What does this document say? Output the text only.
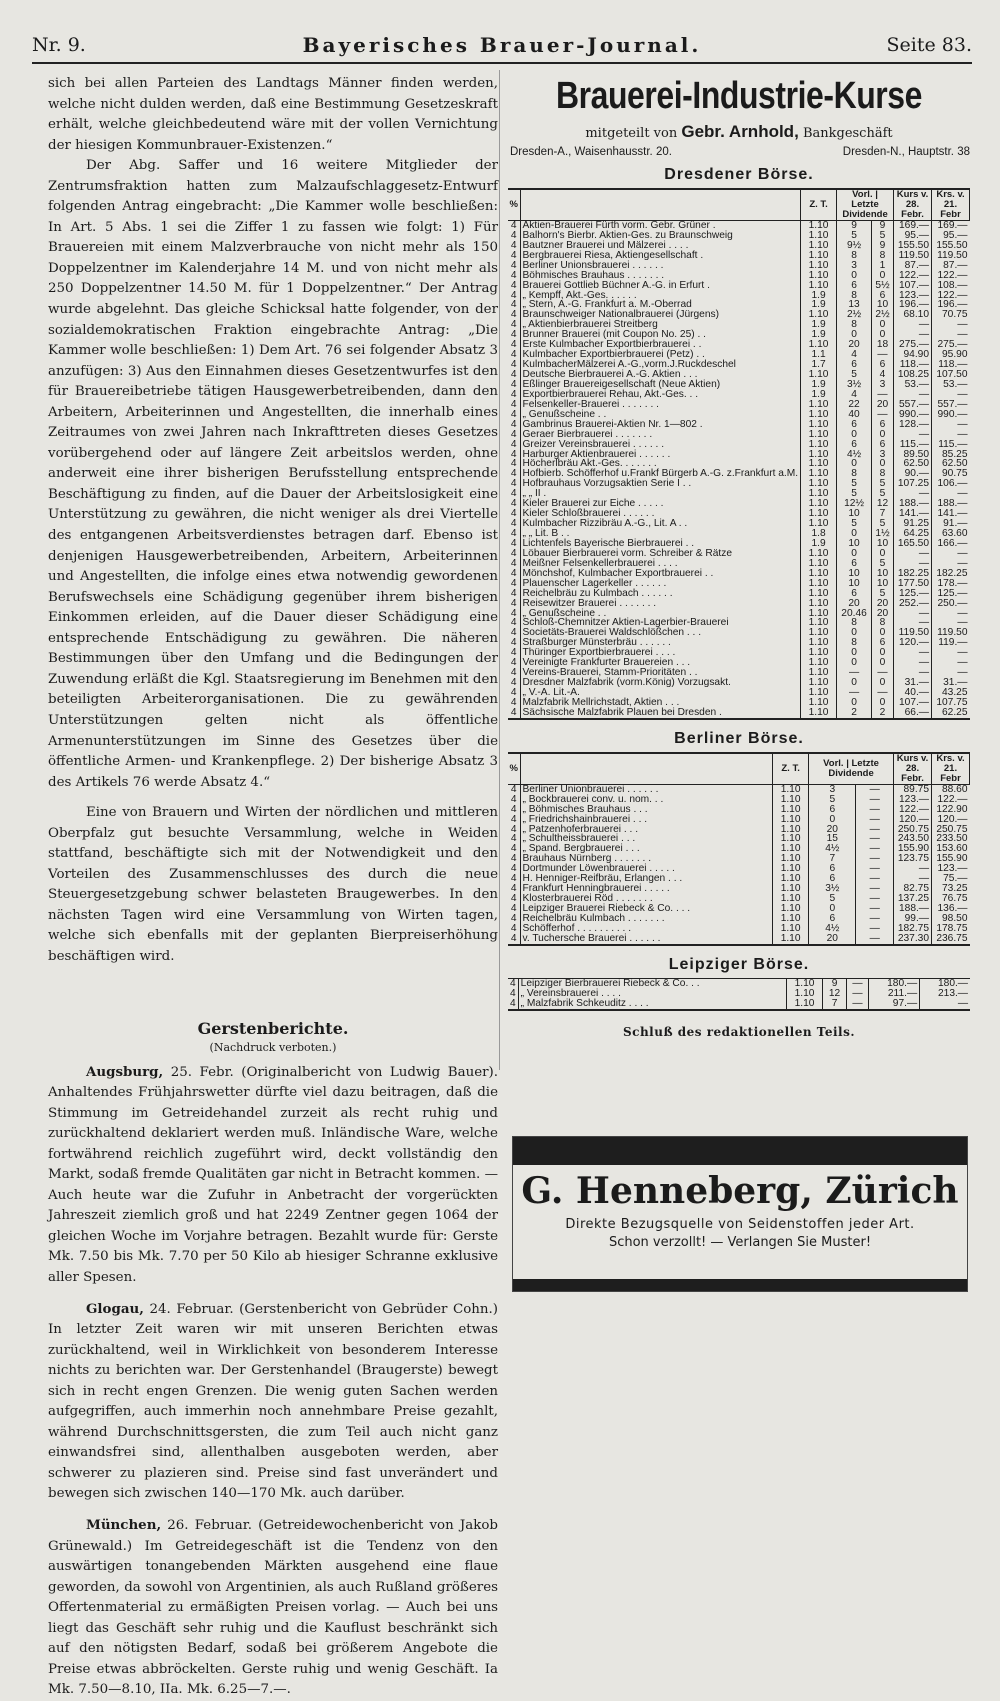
Nr. 9.	Bayerisches Brauer-Journal.	Seite 83.

sich bei allen Parteien des Landtags Männer finden werden, welche nicht dulden werden, daß eine Bestimmung Gesetzeskraft erhält, welche gleichbedeutend wäre mit der vollen Vernichtung der hiesigen Kommunbrauer-Existenzen.“

Der Abg. Saffer und 16 weitere Mitglieder der Zentrumsfraktion hatten zum Malzaufschlaggesetz-Entwurf folgenden Antrag eingebracht: „Die Kammer wolle beschließen: In Art. 5 Abs. 1 sei die Ziffer 1 zu fassen wie folgt: 1) Für Brauereien mit einem Malzverbrauche von nicht mehr als 150 Doppelzentner im Kalenderjahre 14 M. und von nicht mehr als 250 Doppelzentner 14.50 M. für 1 Doppelzentner.“ Der Antrag wurde abgelehnt. Das gleiche Schicksal hatte folgender, von der sozialdemokratischen Fraktion eingebrachte Antrag: „Die Kammer wolle beschließen: 1) Dem Art. 76 sei folgender Absatz 3 anzufügen: 3) Aus den Einnahmen dieses Gesetzentwurfes ist den für Brauereibetriebe tätigen Hausgewerbetreibenden, dann den Arbeitern, Arbeiterinnen und Angestellten, die innerhalb eines Zeitraumes von zwei Jahren nach Inkrafttreten dieses Gesetzes vorübergehend oder auf längere Zeit arbeitslos werden, ohne anderweit eine ihrer bisherigen Berufsstellung entsprechende Beschäftigung zu finden, auf die Dauer der Arbeitslosigkeit eine Unterstützung zu gewähren, die nicht weniger als drei Viertelle des entgangenen Arbeitsverdienstes betragen darf. Ebenso ist denjenigen Hausgewerbetreibenden, Arbeitern, Arbeiterinnen und Angestellten, die infolge eines etwa notwendig gewordenen Berufswechsels eine Schädigung gegenüber ihrem bisherigen Einkommen erleiden, auf die Dauer dieser Schädigung eine entsprechende Entschädigung zu gewähren. Die näheren Bestimmungen über den Umfang und die Bedingungen der Zuwendung erläßt die Kgl. Staatsregierung im Benehmen mit den beteiligten Arbeiterorganisationen. Die zu gewährenden Unterstützungen gelten nicht als öffentliche Armenunterstützungen im Sinne des Gesetzes über die öffentliche Armen- und Krankenpflege. 2) Der bisherige Absatz 3 des Artikels 76 werde Absatz 4.“

Eine von Brauern und Wirten der nördlichen und mittleren Oberpfalz gut besuchte Versammlung, welche in Weiden stattfand, beschäftigte sich mit der Notwendigkeit und den Vorteilen des Zusammenschlusses des durch die neue Steuergesetzgebung schwer belasteten Braugewerbes. In den nächsten Tagen wird eine Versammlung von Wirten tagen, welche sich ebenfalls mit der geplanten Bierpreiserhöhung beschäftigen wird.

Gerstenberichte.
(Nachdruck verboten.)

Augsburg, 25. Febr. (Originalbericht von Ludwig Bauer). Anhaltendes Frühjahrswetter dürfte viel dazu beitragen, daß die Stimmung im Getreidehandel zurzeit als recht ruhig und zurückhaltend deklariert werden muß. Inländische Ware, welche fortwährend reichlich zugeführt wird, deckt vollständig den Markt, sodaß fremde Qualitäten gar nicht in Betracht kommen. — Auch heute war die Zufuhr in Anbetracht der vorgerückten Jahreszeit ziemlich groß und hat 2249 Zentner gegen 1064 der gleichen Woche im Vorjahre betragen. Bezahlt wurde für: Gerste Mk. 7.50 bis Mk. 7.70 per 50 Kilo ab hiesiger Schranne exklusive aller Spesen.

Glogau, 24. Februar. (Gerstenbericht von Gebrüder Cohn.) In letzter Zeit waren wir mit unseren Berichten etwas zurückhaltend, weil in Wirklichkeit von besonderem Interesse nichts zu berichten war. Der Gerstenhandel (Braugerste) bewegt sich in recht engen Grenzen. Die wenig guten Sachen werden aufgegriffen, auch immerhin noch annehmbare Preise gezahlt, während Durchschnittsgersten, die zum Teil auch nicht ganz einwandsfrei sind, allenthalben ausgeboten werden, aber schwerer zu plazieren sind. Preise sind fast unverändert und bewegen sich zwischen 140—170 Mk. auch darüber.

München, 26. Februar. (Getreidewochenbericht von Jakob Grünewald.) Im Getreidegeschäft ist die Tendenz von den auswärtigen tonangebenden Märkten ausgehend eine flaue geworden, da sowohl von Argentinien, als auch Rußland größeres Offertenmaterial zu ermäßigten Preisen vorlag. — Auch bei uns liegt das Geschäft sehr ruhig und die Kauflust beschränkt sich auf den nötigsten Bedarf, sodaß bei größerem Angebote die Preise etwas abbröckelten. Gerste ruhig und wenig Geschäft. Ia Mk. 7.50—8.10, IIa. Mk. 6.25—7.—.

Brauerei-Industrie-Kurse
mitgeteilt von Gebr. Arnhold, Bankgeschäft
Dresden-A., Waisenhausstr. 20.	Dresden-N., Hauptstr. 38
Dresdener Börse.
%		Z. T.	Vorl. | Letzte Dividende		Kurs v. 28. Febr.	Krs. v. 21. Febr
4	Aktien-Brauerei Fürth vorm. Gebr. Grüner .	1.10	9	9	169.—	169.—
4	Balhorn's Bierbr. Aktien-Ges. zu Braunschweig	1.10	5	5	95.—	95.—
4	Bautzner Brauerei und Mälzerei . . . .	1.10	9½	9	155.50	155.50
4	Bergbrauerei Riesa, Aktiengesellschaft .	1.10	8	8	119.50	119.50
4	Berliner Unionsbrauerei . . . . . .	1.10	3	1	87.—	87.—
4	Böhmisches Brauhaus . . . . . . .	1.10	0	0	122.—	122.—
4	Brauerei Gottlieb Büchner A.-G. in Erfurt .	1.10	6	5½	107.—	108.—
4	„ Kempff, Akt.-Ges. . . . . .	1.9	8	6	123.—	122.—
4	„ Stern, A.-G. Frankfurt a. M.-Oberrad	1.9	13	10	196.—	196.—
4	Braunschweiger Nationalbrauerei (Jürgens)	1.10	2½	2½	68.10	70.75
4	„ Aktienbierbrauerei Streitberg	1.9	8	0	—	—
4	Brunner Brauerei (mit Coupon No. 25) . .	1.9	0	0	—	—
4	Erste Kulmbacher Exportbierbrauerei . .	1.10	20	18	275.—	275.—
4	Kulmbacher Exportbierbrauerei (Petz) . .	1.1	4	—	94.90	95.90
4	KulmbacherMälzerei A.-G.,vorm.J.Ruckdeschel	1.7	6	6	118.—	118.—
4	Deutsche Bierbrauerei A.-G. Aktien . . .	1.10	5	4	108.25	107.50
4	Eßlinger Brauereigesellschaft (Neue Aktien)	1.9	3½	3	53.—	53.—
4	Exportbierbrauerei Rehau, Akt.-Ges. . .	1.9	4	—	—	—
4	Felsenkeller-Brauerei . . . . . . .	1.10	22	20	557.—	557.—
4	„ Genußscheine . .	1.10	40	—	990.—	990.—
4	Gambrinus Brauerei-Aktien Nr. 1—802 .	1.10	6	6	128.—	—
4	Geraer Bierbrauerei . . . . . . .	1.10	0	0	—	—
4	Greizer Vereinsbrauerei . . . . . .	1.10	6	6	115.—	115.—
4	Harburger Aktienbrauerei . . . . . .	1.10	4½	3	89.50	85.25
4	Höcherlbräu Akt.-Ges. . . . . . .	1.10	0	0	62.50	62.50
4	Hofbierb. Schöfferhof u.Frankf Bürgerb A.-G. z.Frankfurt a.M.	1.10	8	8	90.—	90.75
4	Hofbrauhaus Vorzugsaktien Serie I . .	1.10	5	5	107.25	106.—
4	„ „ II .	1.10	5	5	—	—
4	Kieler Brauerei zur Eiche . . . . .	1.10	12½	12	188.—	188.—
4	Kieler Schloßbrauerei . . . . . .	1.10	10	7	141.—	141.—
4	Kulmbacher Rizzibräu A.-G., Lit. A . .	1.10	5	5	91.25	91.—
4	„ „ Lit. B . .	1.8	0	1½	64.25	63.60
4	Lichtenfels Bayerische Bierbrauerei . .	1.9	10	10	165.50	166.—
4	Löbauer Bierbrauerei vorm. Schreiber & Rätze	1.10	0	0	—	—
4	Meißner Felsenkellerbrauerei . . . .	1.10	6	5	—	—
4	Mönchshof, Kulmbacher Exportbrauerei . .	1.10	10	10	182.25	182.25
4	Plauenscher Lagerkeller . . . . . .	1.10	10	10	177.50	178.—
4	Reichelbräu zu Kulmbach . . . . . .	1.10	6	5	125.—	125.—
4	Reisewitzer Brauerei . . . . . . .	1.10	20	20	252.—	250.—
4	„ Genußscheine . .	1.10	20.46	20	—	—
4	Schloß-Chemnitzer Aktien-Lagerbier-Brauerei	1.10	8	8	—	—
4	Societäts-Brauerei Waldschlößchen . . .	1.10	0	0	119.50	119.50
4	Straßburger Münsterbräu . . . . . .	1.10	8	6	120.—	119.—
4	Thüringer Exportbierbrauerei . . . .	1.10	0	0	—	—
4	Vereinigte Frankfurter Brauereien . . .	1.10	0	0	—	—
4	Vereins-Brauerei, Stamm-Prioritäten . .	1.10	—	—	—	—
4	Dresdner Malzfabrik (vorm.König) Vorzugsakt.	1.10	0	0	31.—	31.—
4	„ V.-A. Lit.-A.	1.10	—	—	40.—	43.25
4	Malzfabrik Mellrichstadt, Aktien . . .	1.10	0	0	107.—	107.75
4	Sächsische Malzfabrik Plauen bei Dresden .	1.10	2	2	66.—	62.25
Berliner Börse.
%		Z. T.	Vorl. | Letzte Dividende		Kurs v. 28. Febr.	Krs. v. 21. Febr
4	Berliner Unionbrauerei . . . . . .	1.10	3	—	89.75	88.60
4	„ Bockbrauerei conv. u. nom. . .	1.10	5	—	123.—	122.—
4	„ Böhmisches Brauhaus . . .	1.10	6	—	122.—	122.90
4	„ Friedrichshainbrauerei . . .	1.10	0	—	120.—	120.—
4	„ Patzenhoferbrauerei . . .	1.10	20	—	250.75	250.75
4	„ Schultheissbrauerei . . .	1.10	15	—	243.50	233.50
4	„ Spand. Bergbrauerei . . .	1.10	4½	—	155.90	153.60
4	Brauhaus Nürnberg . . . . . . .	1.10	7	—	123.75	155.90
4	Dortmunder Löwenbrauerei . . . . .	1.10	6	—	—	123.—
4	H. Henniger-Reifbräu, Erlangen . . .	1.10	6	—	—	75.—
4	Frankfurt Henningbrauerei . . . . .	1.10	3½	—	82.75	73.25
4	Klosterbrauerei Röd . . . . . . .	1.10	5	—	137.25	76.75
4	Leipziger Brauerei Riebeck & Co. . . .	1.10	0	—	188.—	136.—
4	Reichelbräu Kulmbach . . . . . . .	1.10	6	—	99.—	98.50
4	Schöfferhof . . . . . . . . . .	1.10	4½	—	182.75	178.75
4	v. Tuchersche Brauerei . . . . . .	1.10	20	—	237.30	236.75
Leipziger Börse.
4	Leipziger Bierbrauerei Riebeck & Co. . .	1.10	9	—	180.—	180.—
4	„ Vereinsbrauerei . . . .	1.10	12	—	211.—	213.—
4	„ Malzfabrik Schkeuditz . . . .	1.10	7	—	97.—	—
Schluß des redaktionellen Teils.
G. Henneberg, Zürich
Direkte Bezugsquelle von Seidenstoffen jeder Art.
Schon verzollt! — Verlangen Sie Muster!
